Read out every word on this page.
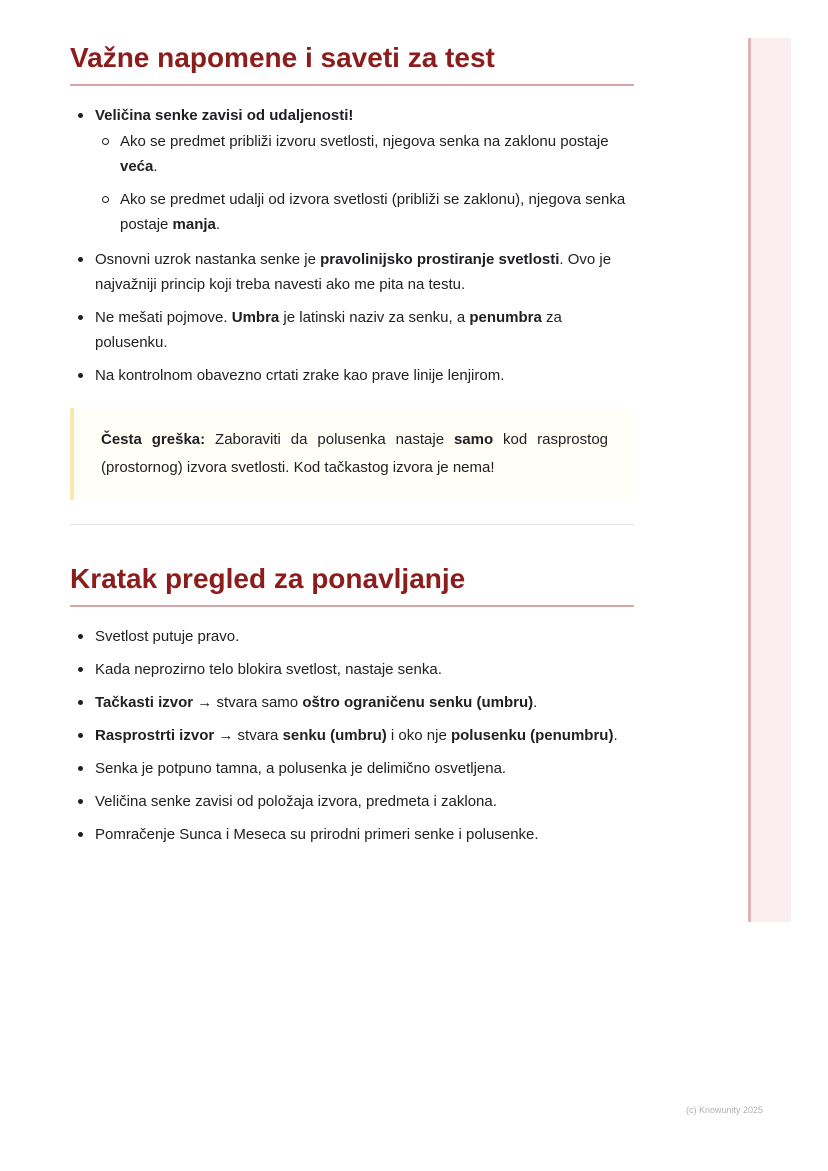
Važne napomene i saveti za test
Veličina senke zavisi od udaljenosti!
Ako se predmet približi izvoru svetlosti, njegova senka na zaklonu postaje veća.
Ako se predmet udalji od izvora svetlosti (približi se zaklonu), njegova senka postaje manja.
Osnovni uzrok nastanka senke je pravolinijsko prostiranje svetlosti. Ovo je najvažniji princip koji treba navesti ako me pita na testu.
Ne mešati pojmove. Umbra je latinski naziv za senku, a penumbra za polusenku.
Na kontrolnom obavezno crtati zrake kao prave linije lenjirom.
Česta greška: Zaboraviti da polusenka nastaje samo kod rasprostog (prostornog) izvora svetlosti. Kod tačkastog izvora je nema!
Kratak pregled za ponavljanje
Svetlost putuje pravo.
Kada neprozirno telo blokira svetlost, nastaje senka.
Tačkasti izvor → stvara samo oštro ograničenu senku (umbru).
Rasprostrti izvor → stvara senku (umbru) i oko nje polusenku (penumbru).
Senka je potpuno tamna, a polusenka je delimično osvetljena.
Veličina senke zavisi od položaja izvora, predmeta i zaklona.
Pomračenje Sunca i Meseca su prirodni primeri senke i polusenke.
(c) Knowunity 2025
